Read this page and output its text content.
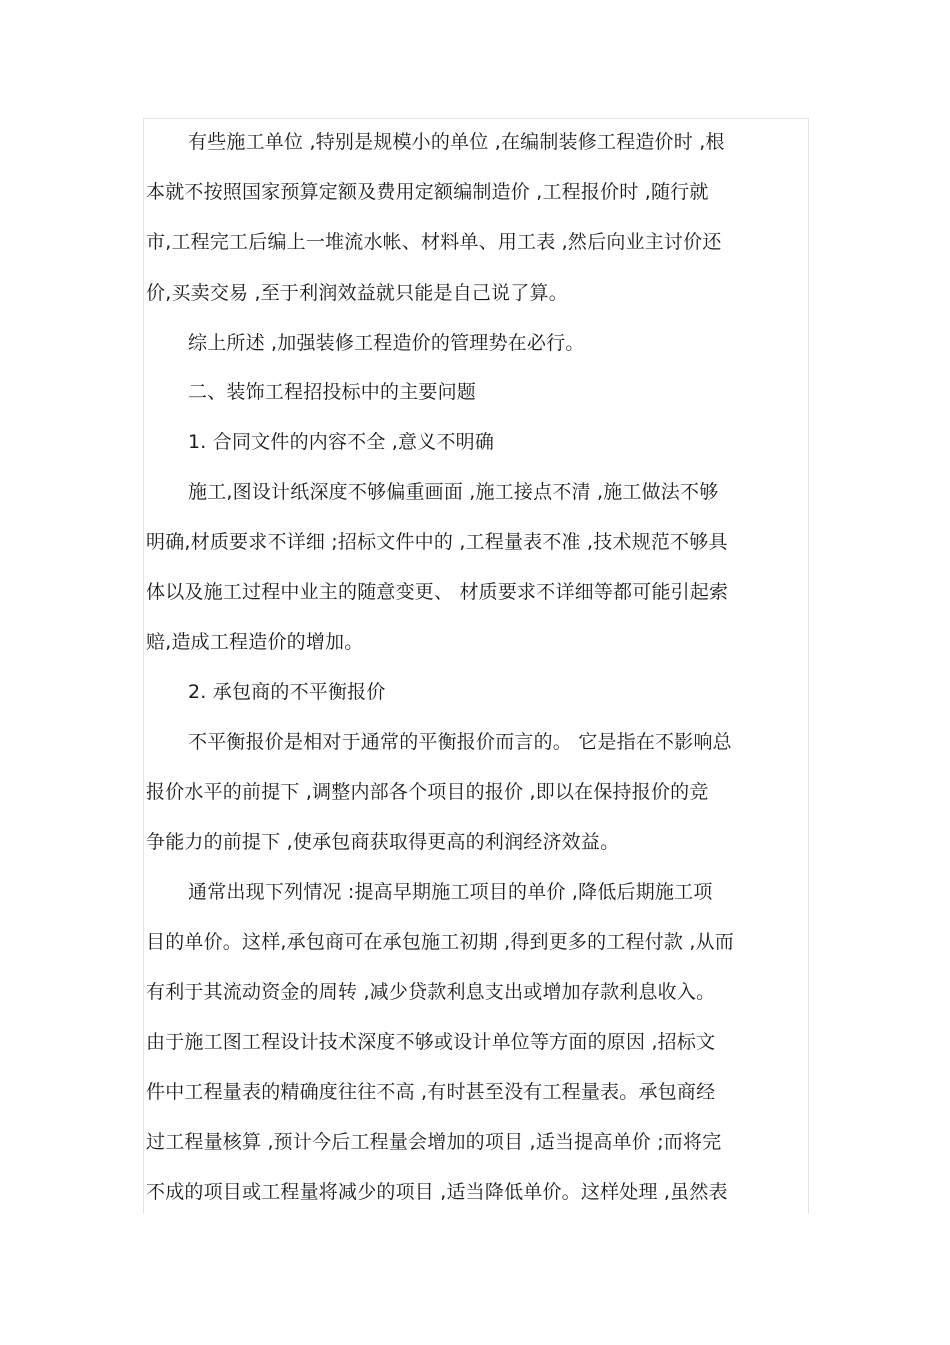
有些施工单位 ,特别是规模小的单位 ,在编制装修工程造价时 ,根
本就不按照国家预算定额及费用定额编制造价 ,工程报价时 ,随行就
市,工程完工后编上一堆流水帐、材料单、用工表 ,然后向业主讨价还
价,买卖交易 ,至于利润效益就只能是自己说了算。
综上所述 ,加强装修工程造价的管理势在必行。
二、装饰工程招投标中的主要问题
1. 合同文件的内容不全 ,意义不明确
施工,图设计纸深度不够偏重画面 ,施工接点不清 ,施工做法不够
明确,材质要求不详细 ;招标文件中的 ,工程量表不准 ,技术规范不够具
体以及施工过程中业主的随意变更、 材质要求不详细等都可能引起索
赔,造成工程造价的增加。
2. 承包商的不平衡报价
不平衡报价是相对于通常的平衡报价而言的。 它是指在不影响总
报价水平的前提下 ,调整内部各个项目的报价 ,即以在保持报价的竞
争能力的前提下 ,使承包商获取得更高的利润经济效益。
通常出现下列情况 :提高早期施工项目的单价 ,降低后期施工项
目的单价。这样,承包商可在承包施工初期 ,得到更多的工程付款 ,从而
有利于其流动资金的周转 ,减少贷款利息支出或增加存款利息收入。
由于施工图工程设计技术深度不够或设计单位等方面的原因 ,招标文
件中工程量表的精确度往往不高 ,有时甚至没有工程量表。承包商经
过工程量核算 ,预计今后工程量会增加的项目 ,适当提高单价 ;而将完
不成的项目或工程量将减少的项目 ,适当降低单价。这样处理 ,虽然表
